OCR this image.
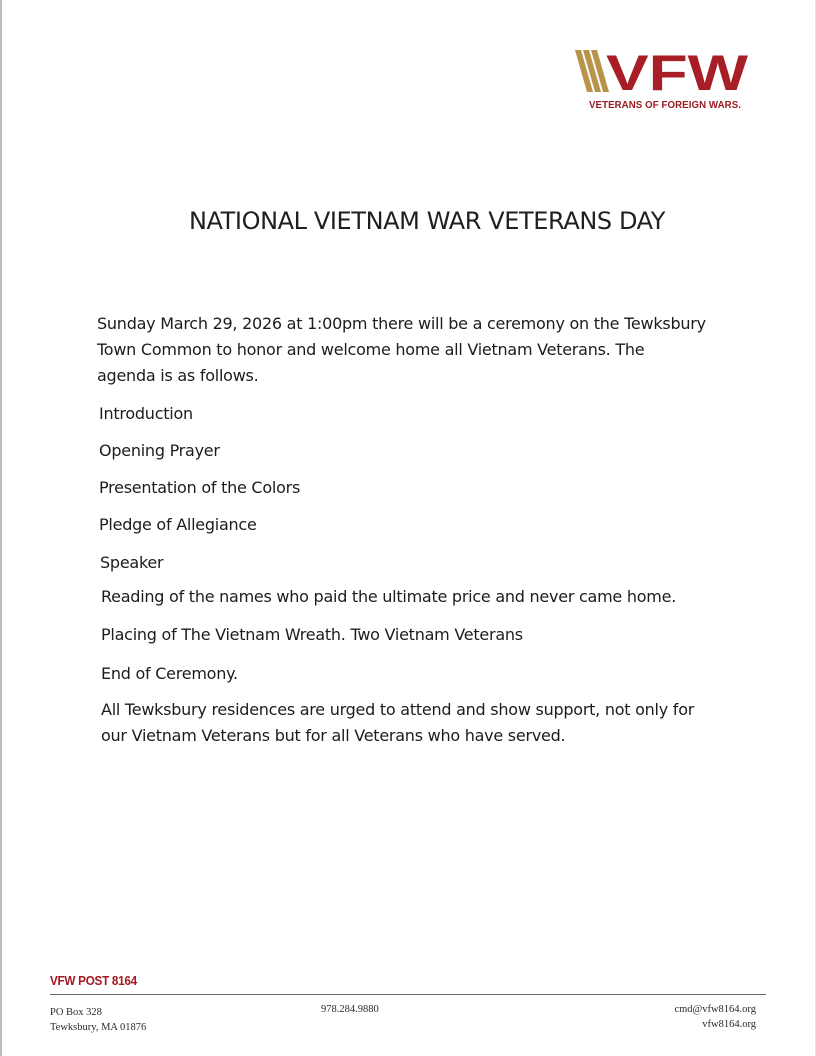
VFW
VETERANS OF FOREIGN WARS.
NATIONAL VIETNAM WAR VETERANS DAY

Sunday March 29, 2026 at 1:00pm there will be a ceremony on the Tewksbury

Town Common to honor and welcome home all Vietnam Veterans. The

agenda is as follows.

Introduction

Opening Prayer

Presentation of the Colors

Pledge of Allegiance

Speaker

Reading of the names who paid the ultimate price and never came home.

Placing of The Vietnam Wreath. Two Vietnam Veterans

End of Ceremony.

All Tewksbury residences are urged to attend and show support, not only for

our Vietnam Veterans but for all Veterans who have served.

VFW POST 8164
PO Box 328
Tewksbury, MA 01876
978.284.9880	cmd@vfw8164.org
vfw8164.org
